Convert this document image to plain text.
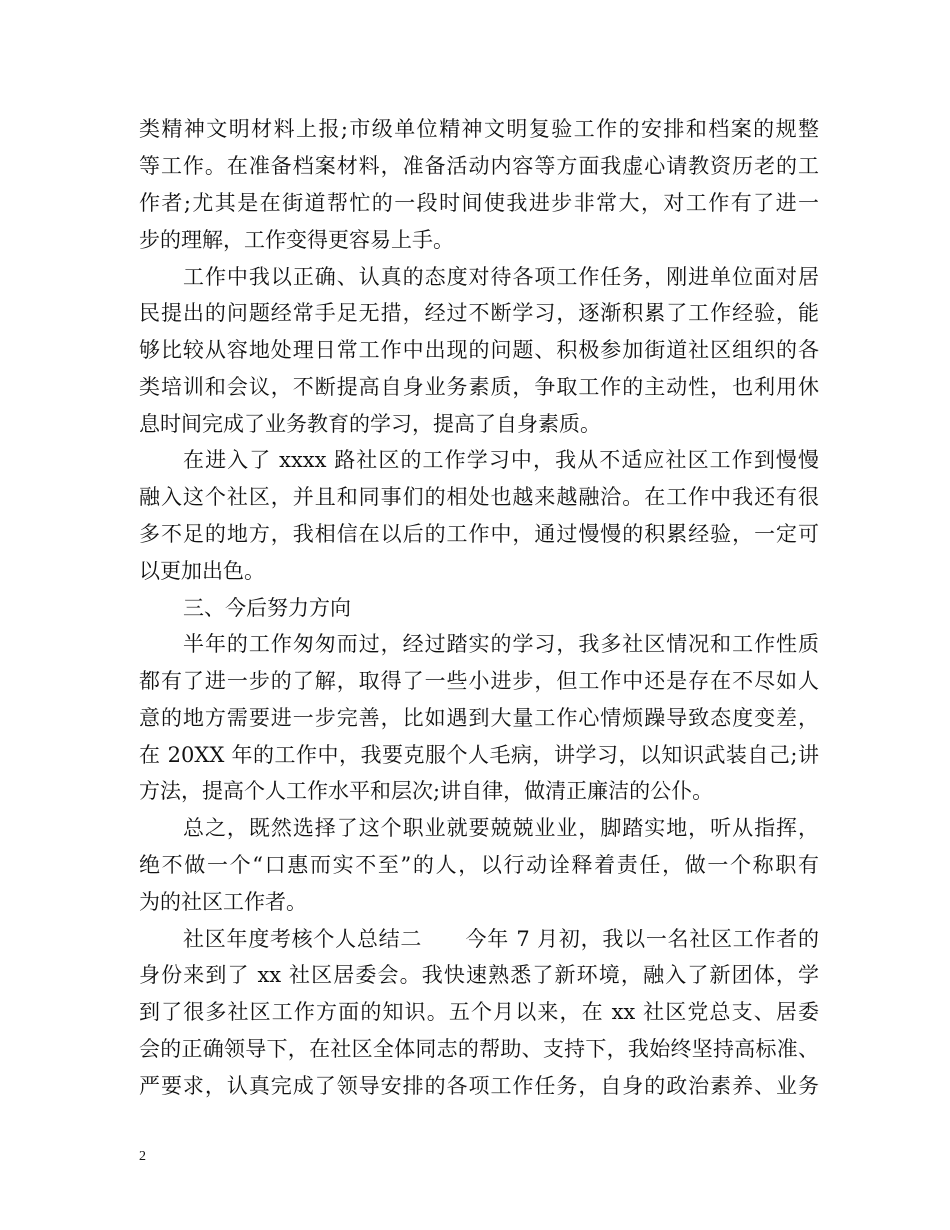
类精神文明材料上报;市级单位精神文明复验工作的安排和档案的规整
等工作。在准备档案材料，准备活动内容等方面我虚心请教资历老的工
作者;尤其是在街道帮忙的一段时间使我进步非常大，对工作有了进一
步的理解，工作变得更容易上手。
工作中我以正确、认真的态度对待各项工作任务，刚进单位面对居
民提出的问题经常手足无措，经过不断学习，逐渐积累了工作经验，能
够比较从容地处理日常工作中出现的问题、积极参加街道社区组织的各
类培训和会议，不断提高自身业务素质，争取工作的主动性，也利用休
息时间完成了业务教育的学习，提高了自身素质。
在进入了 xxxx 路社区的工作学习中，我从不适应社区工作到慢慢
融入这个社区，并且和同事们的相处也越来越融洽。在工作中我还有很
多不足的地方，我相信在以后的工作中，通过慢慢的积累经验，一定可
以更加出色。
三、今后努力方向
半年的工作匆匆而过，经过踏实的学习，我多社区情况和工作性质
都有了进一步的了解，取得了一些小进步，但工作中还是存在不尽如人
意的地方需要进一步完善，比如遇到大量工作心情烦躁导致态度变差，
在 20XX 年的工作中，我要克服个人毛病，讲学习，以知识武装自己;讲
方法，提高个人工作水平和层次;讲自律，做清正廉洁的公仆。
总之，既然选择了这个职业就要兢兢业业，脚踏实地，听从指挥，
绝不做一个“口惠而实不至”的人，以行动诠释着责任，做一个称职有
为的社区工作者。
社区年度考核个人总结二　　今年 7 月初，我以一名社区工作者的
身份来到了 xx 社区居委会。我快速熟悉了新环境，融入了新团体，学
到了很多社区工作方面的知识。五个月以来，在 xx 社区党总支、居委
会的正确领导下，在社区全体同志的帮助、支持下，我始终坚持高标准、
严要求，认真完成了领导安排的各项工作任务，自身的政治素养、业务
2
